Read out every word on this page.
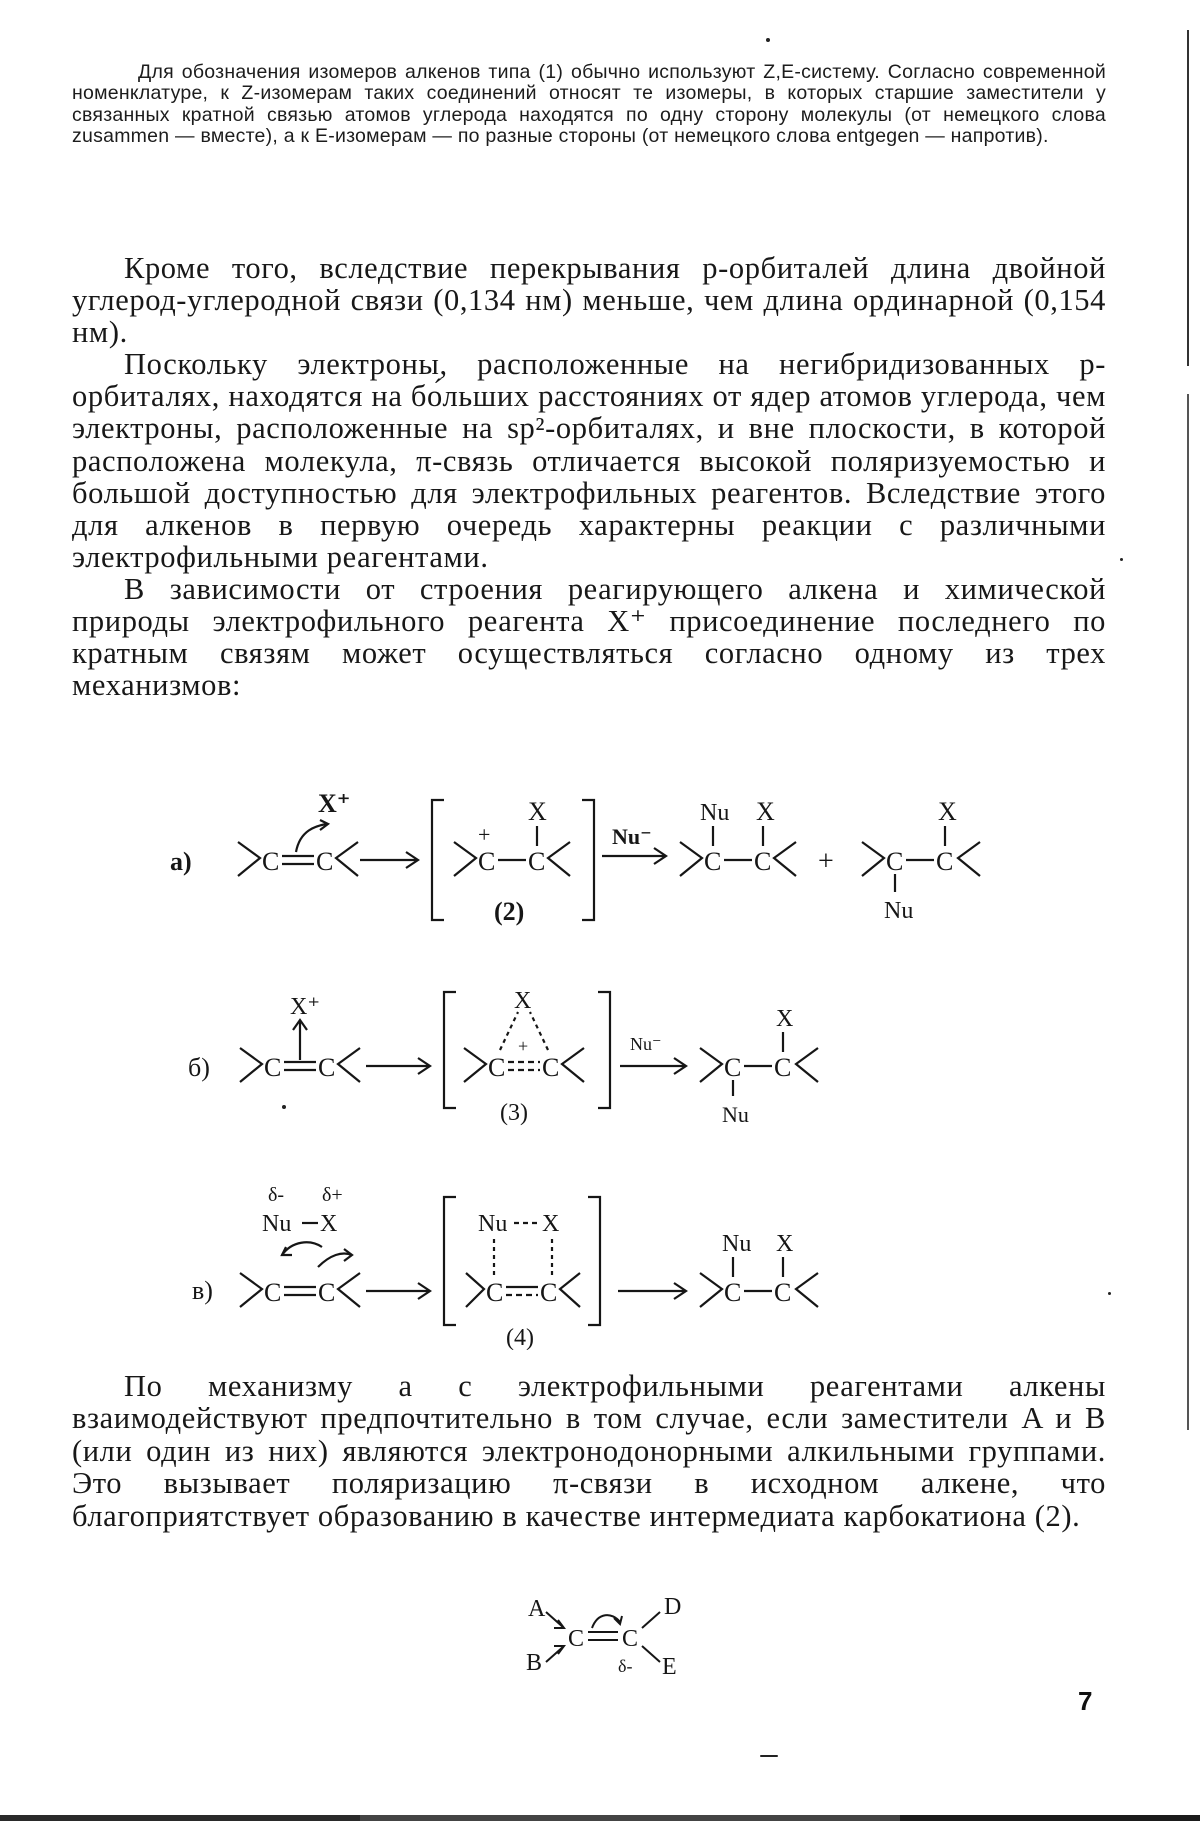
Для обозначения изомеров алкенов типа (1) обычно используют Z,E-систему. Согласно современной номенклатуре, к Z-изомерам таких соединений относят те изомеры, в которых старшие заместители у связанных кратной связью атомов углерода находятся по одну сторону молекулы (от немецкого слова zusammen — вместе), а к E-изомерам — по разные стороны (от немецкого слова entgegen — напротив).

Кроме того, вследствие перекрывания p-орбиталей длина двойной углерод-углеродной связи (0,134 нм) меньше, чем длина ординарной (0,154 нм).

Поскольку электроны, расположенные на негибридизованных p-орбиталях, находятся на бо́льших расстояниях от ядер атомов углерода, чем электроны, расположенные на sp²-орбиталях, и вне плоскости, в которой расположена молекула, π-связь отличается высокой поляризуемостью и большой доступностью для электрофильных реагентов. Вследствие этого для алкенов в первую очередь характерны реакции с различными электрофильными реагентами.

В зависимости от строения реагирующего алкена и химической природы электрофильного реагента X⁺ присоединение последнего по кратным связям может осуществляться согласно одному из трех механизмов:

а)	C C
X⁺
+
C C
X
(2)
Nu⁻
C
Nu
C
X
+ C
Nu
C
X
б) C
X⁺
C	C C
X
+
(3)
Nu⁻
C
Nu
C
X
в)
δ- δ+
Nu X
C C
Nu X
C C
(4)
C
Nu
C
X

По механизму a с электрофильными реагентами алкены взаимодействуют предпочтительно в том случае, если заместители A и B (или один из них) являются электронодонорными алкильными группами. Это вызывает поляризацию π-связи в исходном алкене, что благоприятствует образованию в качестве интермедиата карбокатиона (2).

A
B
C C
δ-
D
E
7
